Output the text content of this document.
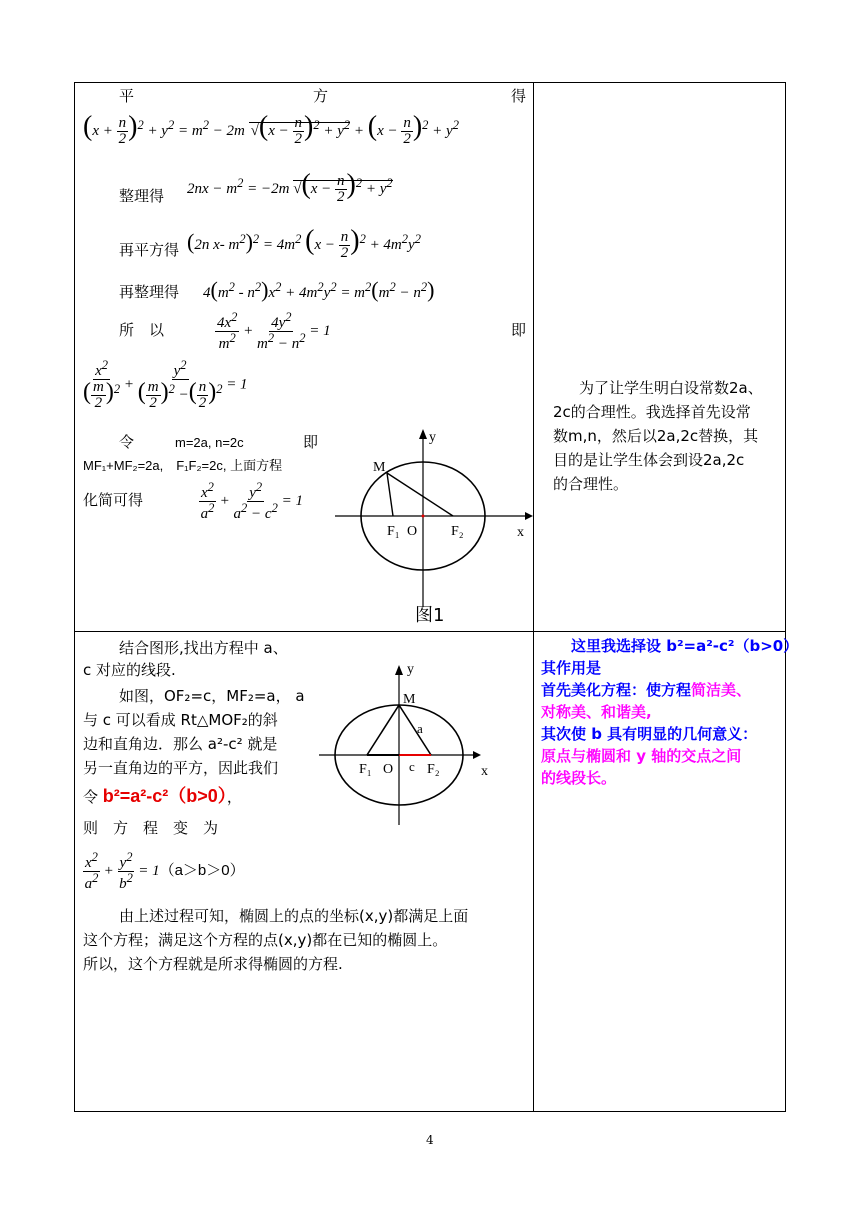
平	方	得
$(x + \frac{n}{2} )^2 + y^2 = m^2 - 2m$ $√(x - \frac{n}{2} )^2 + y^2 + (x - \frac{n}{2} )^2 + y^2$
整理得 $2nx - m^2 = -2m$ $√(x - \frac{n}{2} )^2 + y^2$
再平方得 (2n x- $m^2)^2 = 4m^2$ $(x - \frac{n}{2} )^2 + 4m^2y^2$
再整理得 $4(m^2 - n^2)x^2 + 4m^2y^2 = m^2(m^2 - n^2)$
所　以	$\frac{4x^2}{m^2} + \frac{4y^2}{m^2 - n^2} = 1$	即
$\frac{x^2}{( \frac{m}{2} )^2} + \frac{y^2}{( \frac{m}{2} )^2 -( \frac{n}{2} )^2} = 1$
令	m=2a, n=2c	即
MF₁+MF₂=2a,　F₁F₂=2c, 上面方程
化简可得	$\frac{x^2}{a^2} + \frac{y^2}{a^2 - c^2} = 1$
y
x
M
F₁ O F₂
图1
为了让学生明白设常数2a、
2c的合理性。我选择首先设常
数m,n，然后以2a,2c替换，其
目的是让学生体会到设2a,2c
的合理性。
结合图形,找出方程中 a、
c 对应的线段.
如图，OF₂=c，MF₂=a， a
与 c 可以看成 Rt△MOF₂的斜
边和直角边．那么 a²-c² 就是
另一直角边的平方，因此我们
令 b²=a²-c²（b>0），
则　方　程　变　为
$\frac{x^2}{a^2} + \frac{y^2}{b^2} = 1(a>b>0)$
由上述过程可知，椭圆上的点的坐标(x,y)都满足上面
这个方程；满足这个方程的点(x,y)都在已知的椭圆上。
所以，这个方程就是所求得椭圆的方程.
y
x
M
a
F₁ O c F₂
这里我选择设 b²=a²-c²（b>0）
其作用是
首先美化方程：使方程简洁美、
对称美、和谐美,
其次使 b 具有明显的几何意义：
原点与椭圆和 y 轴的交点之间
的线段长。
4
